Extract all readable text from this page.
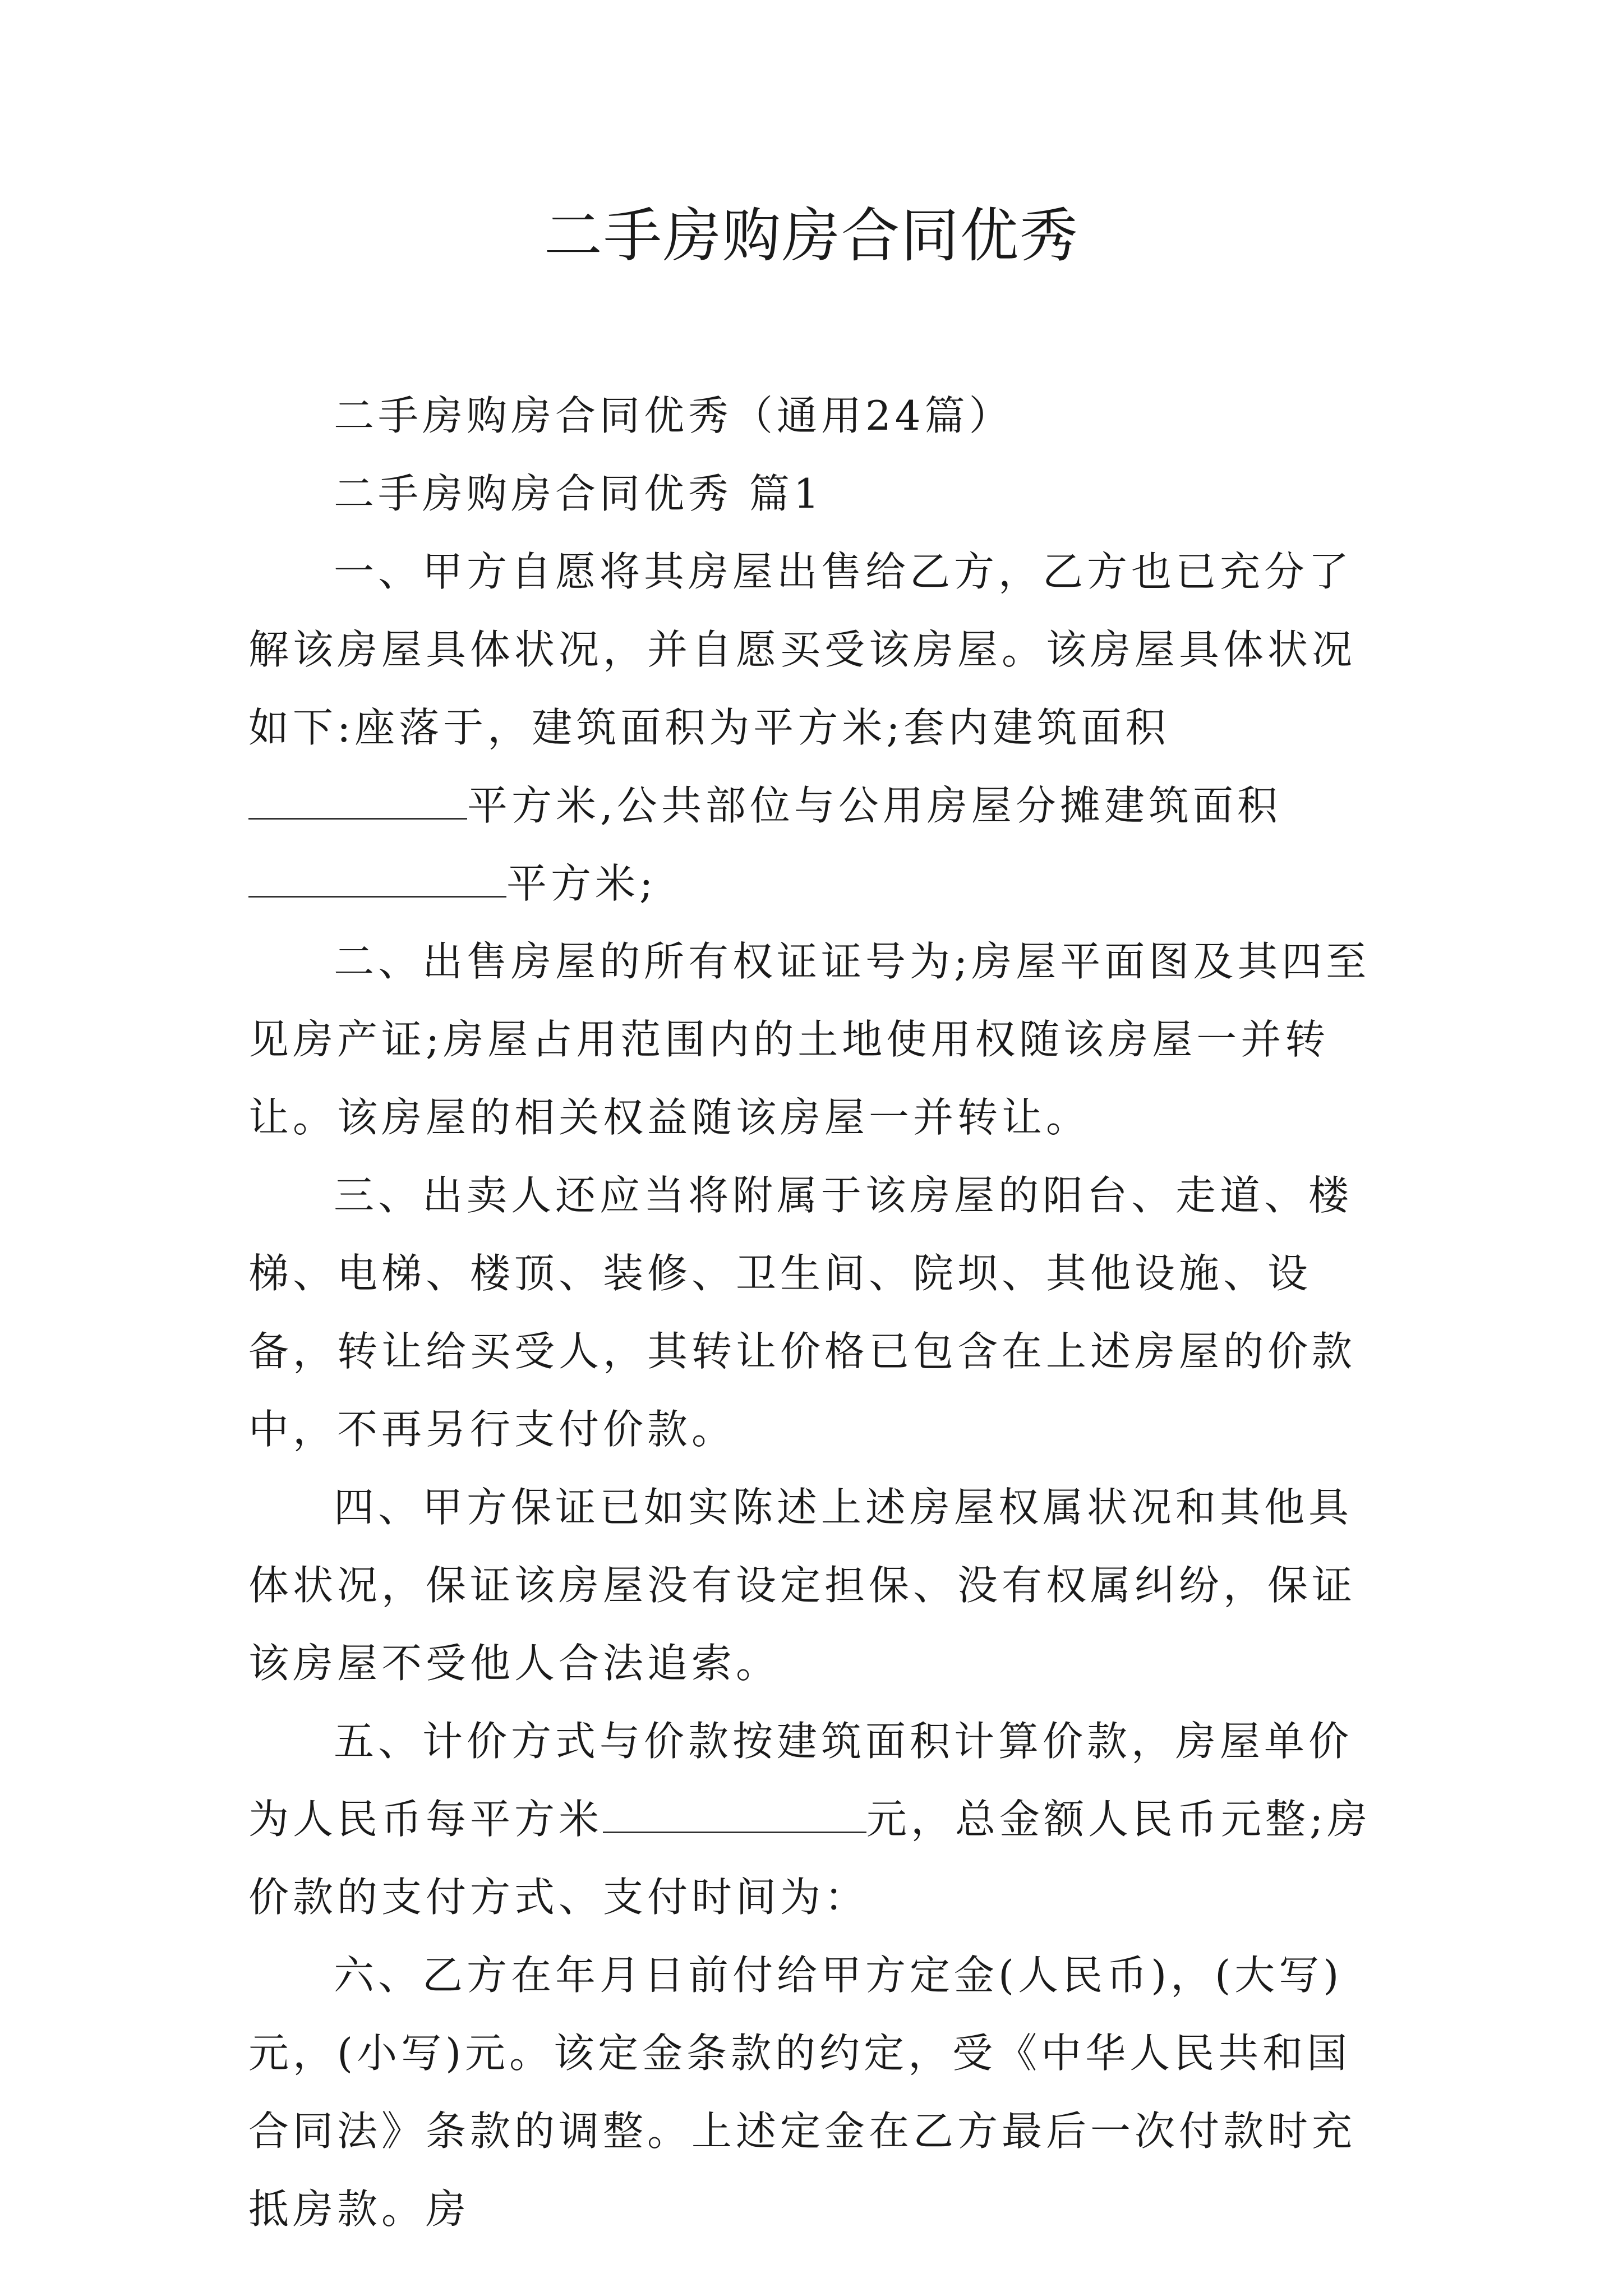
二手房购房合同优秀

二手房购房合同优秀（通用24篇）

二手房购房合同优秀 篇1

一、甲方自愿将其房屋出售给乙方，乙方也已充分了解该房屋具体状况，并自愿买受该房屋。该房屋具体状况如下:座落于，建筑面积为平方米;套内建筑面积平方米,公共部位与公用房屋分摊建筑面积平方米;

二、出售房屋的所有权证证号为;房屋平面图及其四至见房产证;房屋占用范围内的土地使用权随该房屋一并转让。该房屋的相关权益随该房屋一并转让。

三、出卖人还应当将附属于该房屋的阳台、走道、楼梯、电梯、楼顶、装修、卫生间、院坝、其他设施、设备，转让给买受人，其转让价格已包含在上述房屋的价款中，不再另行支付价款。

四、甲方保证已如实陈述上述房屋权属状况和其他具体状况，保证该房屋没有设定担保、没有权属纠纷，保证该房屋不受他人合法追索。

五、计价方式与价款按建筑面积计算价款，房屋单价为人民币每平方米	元，总金额人民币元整;房价款的支付方式、支付时间为：

六、乙方在年月日前付给甲方定金(人民币)，(大写)元，(小写)元。该定金条款的约定，受《中华人民共和国合同法》条款的调整。上述定金在乙方最后一次付款时充抵房款。房
